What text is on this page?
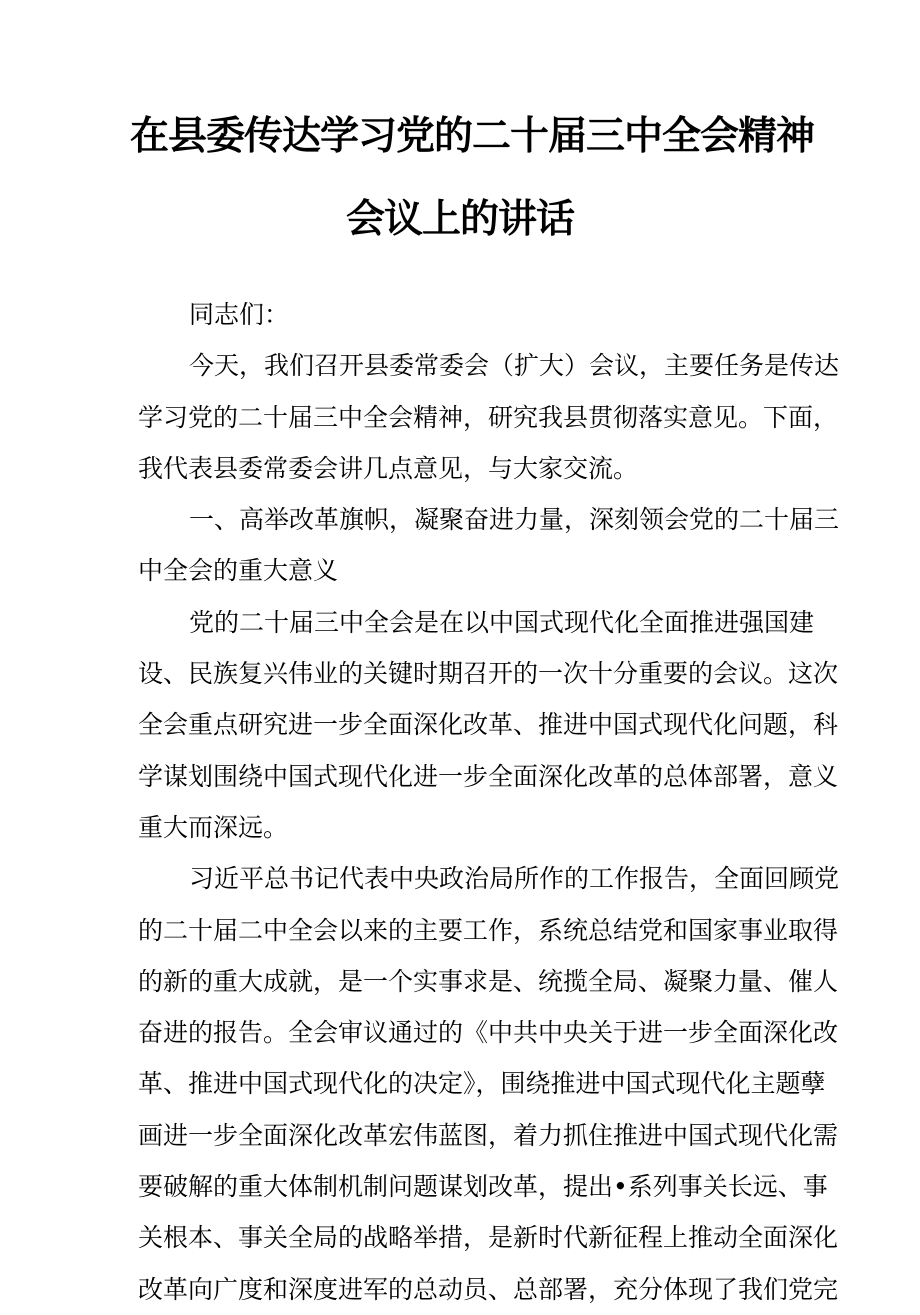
在县委传达学习党的二十届三中全会精神
会议上的讲话
同志们：
今天，我们召开县委常委会（扩大）会议，主要任务是传达
学习党的二十届三中全会精神，研究我县贯彻落实意见。下面，
我代表县委常委会讲几点意见，与大家交流。
一、高举改革旗帜，凝聚奋进力量，深刻领会党的二十届三
中全会的重大意义
党的二十届三中全会是在以中国式现代化全面推进强国建
设、民族复兴伟业的关键时期召开的一次十分重要的会议。这次
全会重点研究进一步全面深化改革、推进中国式现代化问题，科
学谋划围绕中国式现代化进一步全面深化改革的总体部署，意义
重大而深远。
习近平总书记代表中央政治局所作的工作报告，全面回顾党
的二十届二中全会以来的主要工作，系统总结党和国家事业取得
的新的重大成就，是一个实事求是、统揽全局、凝聚力量、催人
奋进的报告。全会审议通过的《中共中央关于进一步全面深化改
革、推进中国式现代化的决定》，围绕推进中国式现代化主题孽
画进一步全面深化改革宏伟蓝图，着力抓住推进中国式现代化需
要破解的重大体制机制问题谋划改革，提出•系列事关长远、事
关根本、事关全局的战略举措，是新时代新征程上推动全面深化
改革向广度和深度进军的总动员、总部署，充分体现了我们党完
